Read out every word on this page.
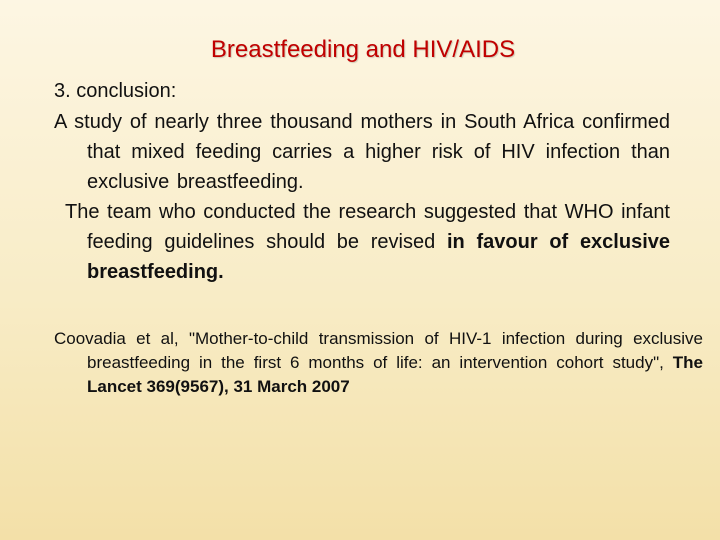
Breastfeeding and HIV/AIDS

3. conclusion:

A study of nearly three thousand mothers in South Africa confirmed that mixed feeding carries a higher risk of HIV infection than exclusive breastfeeding.

The team who conducted the research suggested that WHO infant feeding guidelines should be revised in favour of exclusive breastfeeding.

Coovadia et al, "Mother-to-child transmission of HIV-1 infection during exclusive breastfeeding in the first 6 months of life: an intervention cohort study", The Lancet 369(9567), 31 March 2007
